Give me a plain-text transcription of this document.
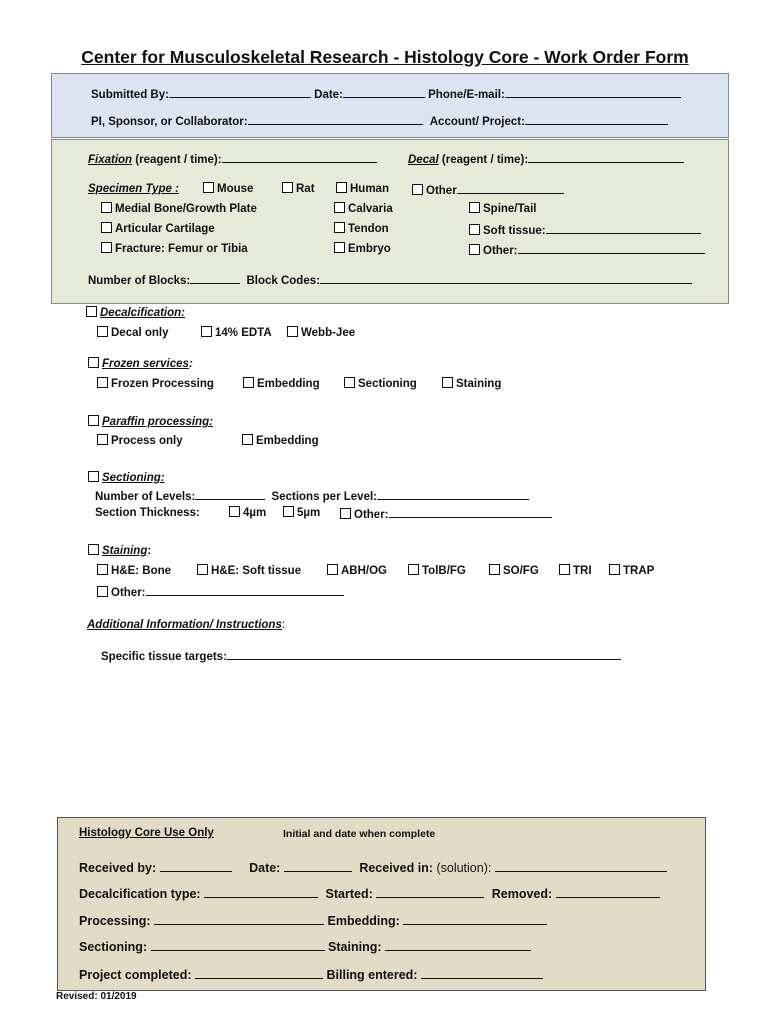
Center for Musculoskeletal Research - Histology Core - Work Order Form
Submitted By:	Date:	Phone/E-mail:
PI, Sponsor, or Collaborator:	Account/ Project:
Fixation (reagent / time):	Decal (reagent / time):
Specimen Type :	Mouse	Rat	Human	Other
Medial Bone/Growth Plate	Calvaria	Spine/Tail
Articular Cartilage	Tendon	Soft tissue:
Fracture: Femur or Tibia	Embryo	Other:
Number of Blocks:	Block Codes:
Decalcification:
Decal only	14% EDTA	Webb-Jee
Frozen services:
Frozen Processing	Embedding	Sectioning	Staining
Paraffin processing:
Process only	Embedding
Sectioning:
Number of Levels:	Sections per Level:
Section Thickness:	4µm	5µm	Other:
Staining:
H&E: Bone	H&E: Soft tissue	ABH/OG	TolB/FG	SO/FG	TRI	TRAP
Other:
Additional Information/ Instructions:
Specific tissue targets:
Histology Core Use Only	Initial and date when complete
Received by:	Date:	Received in: (solution):
Decalcification type:	Started:	Removed:
Processing:	Embedding:
Sectioning:	Staining:
Project completed:	Billing entered:
Revised: 01/2019
